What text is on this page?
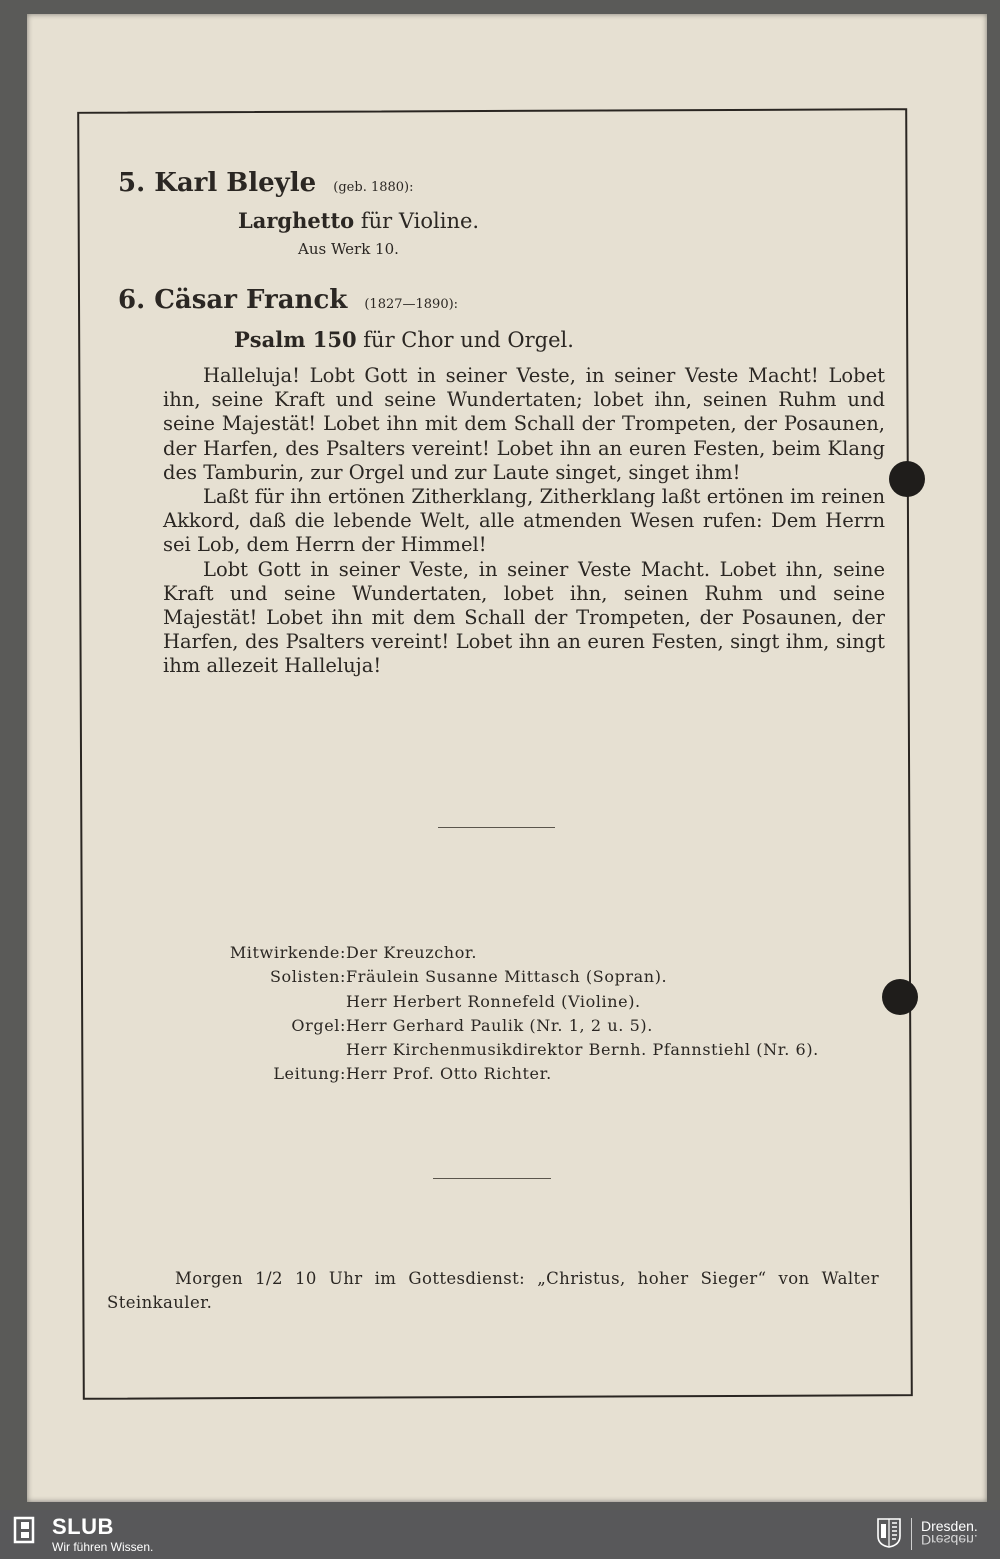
5. Karl Bleyle (geb. 1880):
Larghetto für Violine.
Aus Werk 10.
6. Cäsar Franck (1827—1890):
Psalm 150 für Chor und Orgel.

Halleluja! Lobt Gott in seiner Veste, in seiner Veste Macht! Lobet ihn, seine Kraft und seine Wundertaten; lobet ihn, seinen Ruhm und seine Majestät! Lobet ihn mit dem Schall der Trompeten, der Posaunen, der Harfen, des Psalters vereint! Lobet ihn an euren Festen, beim Klang des Tamburin, zur Orgel und zur Laute singet, singet ihm!

Laßt für ihn ertönen Zitherklang, Zitherklang laßt ertönen im reinen Akkord, daß die lebende Welt, alle atmenden Wesen rufen: Dem Herrn sei Lob, dem Herrn der Himmel!

Lobt Gott in seiner Veste, in seiner Veste Macht. Lobet ihn, seine Kraft und seine Wundertaten, lobet ihn, seinen Ruhm und seine Majestät! Lobet ihn mit dem Schall der Trompeten, der Posaunen, der Harfen, des Psalters vereint! Lobet ihn an euren Festen, singt ihm, singt ihm allezeit Halleluja!

Mitwirkende: Der Kreuzchor.
Solisten: Fräulein Susanne Mittasch (Sopran).
Herr Herbert Ronnefeld (Violine).
Orgel: Herr Gerhard Paulik (Nr. 1, 2 u. 5).
Herr Kirchenmusikdirektor Bernh. Pfannstiehl (Nr. 6).
Leitung: Herr Prof. Otto Richter.

Morgen 1/2 10 Uhr im Gottesdienst: „Christus, hoher Sieger“ von Walter Steinkauler.

SLUB
Wir führen Wissen.
Dresden.
Dresden.
